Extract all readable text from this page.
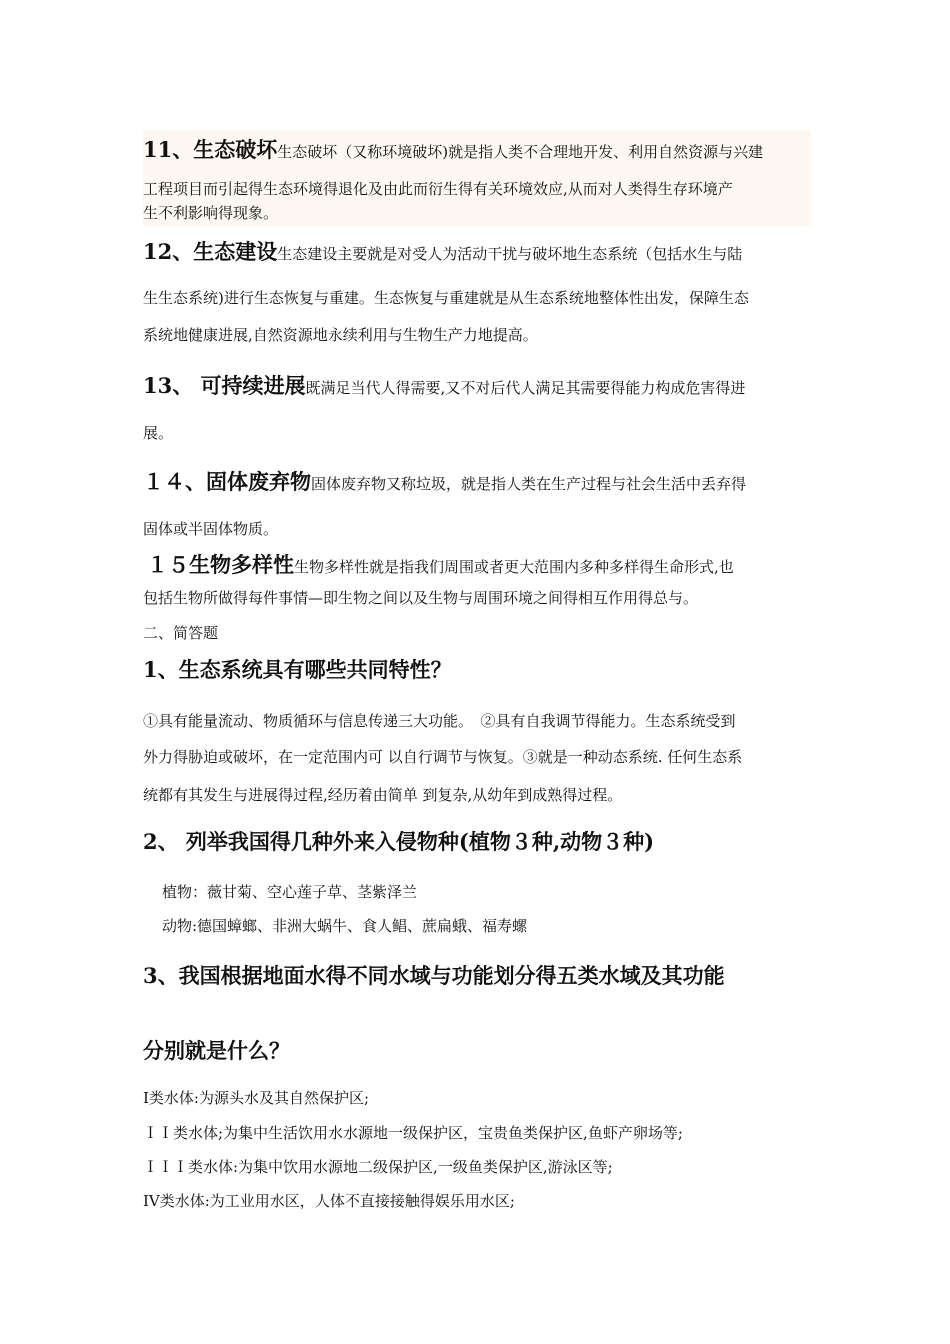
11、生态破坏生态破坏（又称环境破坏)就是指人类不合理地开发、利用自然资源与兴建
工程项目而引起得生态环境得退化及由此而衍生得有关环境效应,从而对人类得生存环境产
生不利影响得现象。
12、生态建设生态建设主要就是对受人为活动干扰与破坏地生态系统（包括水生与陆
生生态系统)进行生态恢复与重建。生态恢复与重建就是从生态系统地整体性出发，保障生态
系统地健康进展,自然资源地永续利用与生物生产力地提高。
13、 可持续进展既满足当代人得需要,又不对后代人满足其需要得能力构成危害得进
展。
１４、固体废弃物固体废弃物又称垃圾，就是指人类在生产过程与社会生活中丢弃得
固体或半固体物质。
１５生物多样性生物多样性就是指我们周围或者更大范围内多种多样得生命形式,也
包括生物所做得每件事情—即生物之间以及生物与周围环境之间得相互作用得总与。
二、简答题
1、生态系统具有哪些共同特性？
①具有能量流动、物质循环与信息传递三大功能。　②具有自我调节得能力。生态系统受到
外力得胁迫或破坏，在一定范围内可 以自行调节与恢复。③就是一种动态系统. 任何生态系
统都有其发生与进展得过程,经历着由简单 到复杂,从幼年到成熟得过程。
2、 列举我国得几种外来入侵物种(植物３种,动物３种)
植物：薇甘菊、空心莲子草、茎紫泽兰
动物:德国蟑螂、非洲大蜗牛、食人鲳、蔗扁蛾、福寿螺
3、我国根据地面水得不同水域与功能划分得五类水域及其功能
分别就是什么？
I类水体:为源头水及其自然保护区;
ＩＩ类水体;为集中生活饮用水水源地一级保护区，宝贵鱼类保护区,鱼虾产卵场等;
ＩＩＩ类水体:为集中饮用水源地二级保护区,一级鱼类保护区,游泳区等;
IV类水体:为工业用水区，人体不直接接触得娱乐用水区;
